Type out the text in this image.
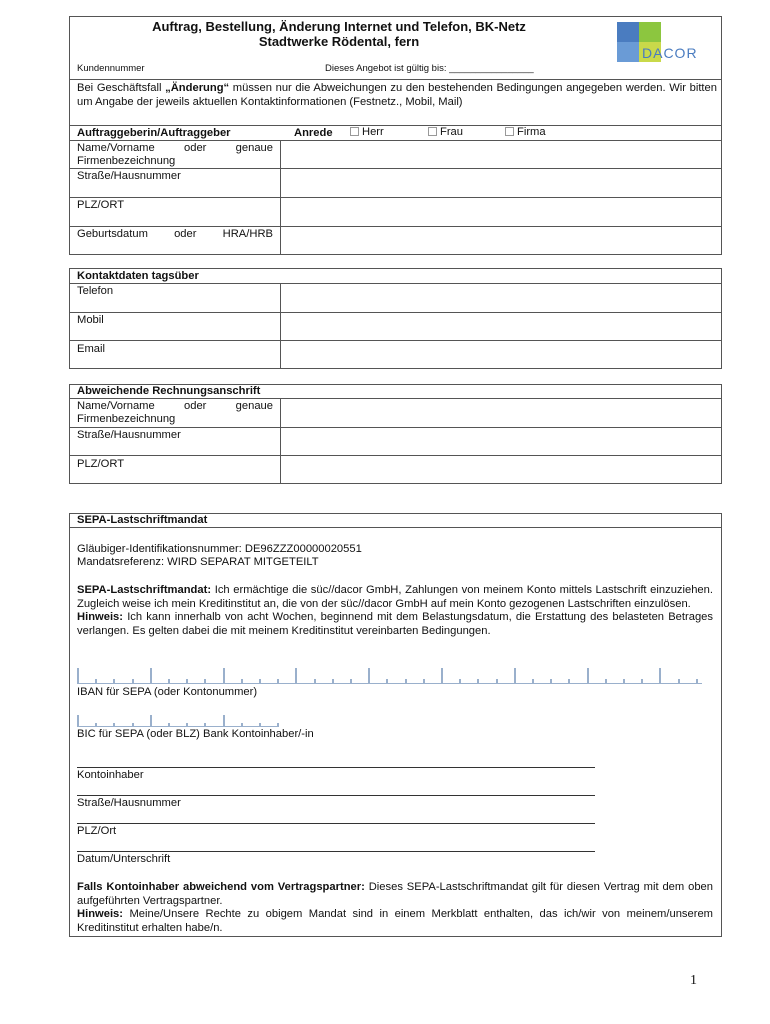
Auftrag, Bestellung, Änderung Internet und Telefon, BK-Netz
Stadtwerke Rödental, fern
DACOR
Kundennummer	Dieses Angebot ist gültig bis: ________________
Bei Geschäftsfall „Änderung“ müssen nur die Abweichungen zu den bestehenden Bedingungen angegeben werden. Wir bitten um Angabe der jeweils aktuellen Kontaktinformationen (Festnetz., Mobil, Mail)
Auftraggeberin/Auftraggeber	Anrede	Herr	Frau	Firma
Name/Vorname oder genaue Firmenbezeichnung
Straße/Hausnummer
PLZ/ORT
Geburtsdatum oder HRA/HRB
Kontaktdaten tagsüber
Telefon
Mobil
Email
Abweichende Rechnungsanschrift
Name/Vorname oder genaue Firmenbezeichnung
Straße/Hausnummer
PLZ/ORT
SEPA-Lastschriftmandat
Gläubiger-Identifikationsnummer: DE96ZZZ00000020551
Mandatsreferenz: WIRD SEPARAT MITGETEILT
SEPA-Lastschriftmandat: Ich ermächtige die süc//dacor GmbH, Zahlungen von meinem Konto mittels Lastschrift einzuziehen. Zugleich weise ich mein Kreditinstitut an, die von der süc//dacor GmbH auf mein Konto gezogenen Lastschriften einzulösen.
Hinweis: Ich kann innerhalb von acht Wochen, beginnend mit dem Belastungsdatum, die Erstattung des belasteten Betrages verlangen. Es gelten dabei die mit meinem Kreditinstitut vereinbarten Bedingungen.
IBAN für SEPA (oder Kontonummer)
BIC für SEPA (oder BLZ) Bank Kontoinhaber/-in
Kontoinhaber
Straße/Hausnummer
PLZ/Ort
Datum/Unterschrift
Falls Kontoinhaber abweichend vom Vertragspartner: Dieses SEPA-Lastschriftmandat gilt für diesen Vertrag mit dem oben aufgeführten Vertragspartner.
Hinweis: Meine/Unsere Rechte zu obigem Mandat sind in einem Merkblatt enthalten, das ich/wir von meinem/unserem Kreditinstitut erhalten habe/n.
1
